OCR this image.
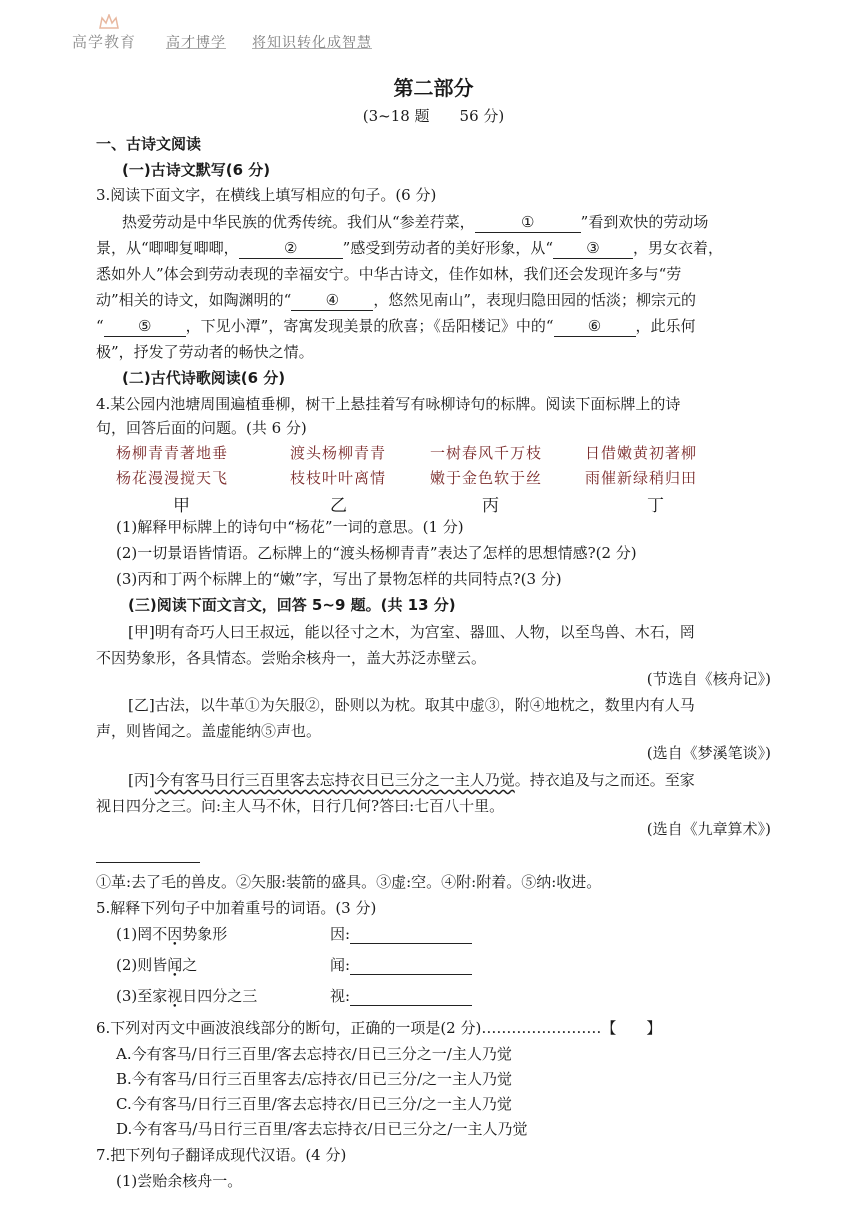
高学教育 高才博学 将知识转化成智慧
第二部分
(3~18 题　　56 分)
一、古诗文阅读
(一)古诗文默写(6 分)
3.阅读下面文字，在横线上填写相应的句子。(6 分)
热爱劳动是中华民族的优秀传统。我们从“参差荇菜，	①	”看到欢快的劳动场
景，从“唧唧复唧唧，	②	”感受到劳动者的美好形象，从“ ③ ，男女衣着，
悉如外人”体会到劳动表现的幸福安宁。中华古诗文，佳作如林，我们还会发现许多与“劳
动”相关的诗文，如陶渊明的“ ④ ，悠然见南山”，表现归隐田园的恬淡；柳宗元的
“ ⑤ ，下见小潭”，寄寓发现美景的欣喜；《岳阳楼记》中的“ ⑥ ，此乐何
极”，抒发了劳动者的畅快之情。
(二)古代诗歌阅读(6 分)
4.某公园内池塘周围遍植垂柳，树干上悬挂着写有咏柳诗句的标牌。阅读下面标牌上的诗
句，回答后面的问题。(共 6 分)
杨柳青青著地垂
杨花漫漫搅天飞
甲
渡头杨柳青青
枝枝叶叶离情
乙
一树春风千万枝
嫩于金色软于丝
丙
日借嫩黄初著柳
雨催新绿稍归田
丁
(1)解释甲标牌上的诗句中“杨花”一词的意思。(1 分)
(2)一切景语皆情语。乙标牌上的“渡头杨柳青青”表达了怎样的思想情感?(2 分)
(3)丙和丁两个标牌上的“嫩”字，写出了景物怎样的共同特点?(3 分)
(三)阅读下面文言文，回答 5~9 题。(共 13 分)
[甲]明有奇巧人曰王叔远，能以径寸之木，为宫室、器皿、人物，以至鸟兽、木石，罔
不因势象形，各具情态。尝贻余核舟一，盖大苏泛赤壁云。
(节选自《核舟记》)
[乙]古法，以牛革①为矢服②，卧则以为枕。取其中虚③，附④地枕之，数里内有人马
声，则皆闻之。盖虚能纳⑤声也。
(选自《梦溪笔谈》)
[丙]今有客马日行三百里客去忘持衣日已三分之一主人乃觉。持衣追及与之而还。至家
视日四分之三。问:主人马不休，日行几何?答曰:七百八十里。
(选自《九章算术》)
①革:去了毛的兽皮。②矢服:装箭的盛具。③虚:空。④附:附着。⑤纳:收进。
5.解释下列句子中加着重号的词语。(3 分)
(1)罔不因势象形	因:
(2)则皆闻之	闻:
(3)至家视日四分之三	视:
6.下列对丙文中画波浪线部分的断句，正确的一项是(2 分)……………………【　　】
A.今有客马/日行三百里/客去忘持衣/日已三分之一/主人乃觉
B.今有客马/日行三百里客去/忘持衣/日已三分/之一主人乃觉
C.今有客马/日行三百里/客去忘持衣/日已三分/之一主人乃觉
D.今有客马/马日行三百里/客去忘持衣/日已三分之/一主人乃觉
7.把下列句子翻译成现代汉语。(4 分)
(1)尝贻余核舟一。
